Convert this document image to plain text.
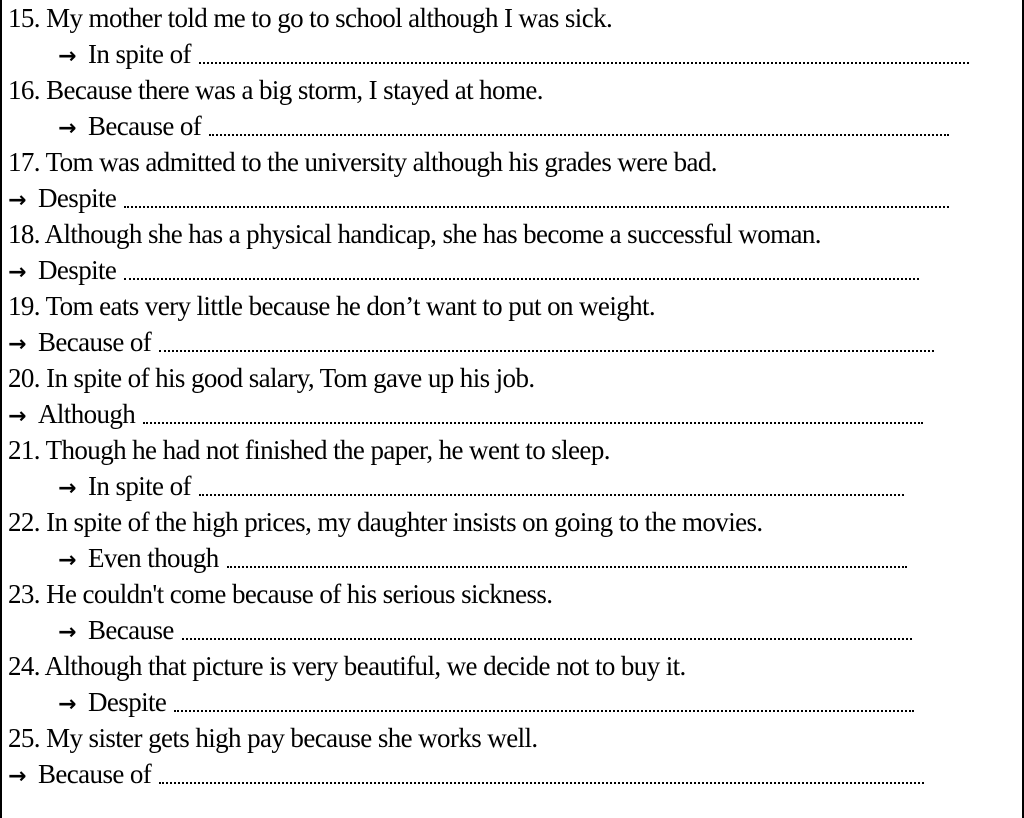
15. My mother told me to go to school although I was sick.
→ In spite of
16. Because there was a big storm, I stayed at home.
→ Because of
17. Tom was admitted to the university although his grades were bad.
→ Despite
18. Although she has a physical handicap, she has become a successful woman.
→ Despite
19. Tom eats very little because he don’t want to put on weight.
→ Because of
20. In spite of his good salary, Tom gave up his job.
→ Although
21. Though he had not finished the paper, he went to sleep.
→ In spite of
22. In spite of the high prices, my daughter insists on going to the movies.
→ Even though
23. He couldn't come because of his serious sickness.
→ Because
24. Although that picture is very beautiful, we decide not to buy it.
→ Despite
25. My sister gets high pay because she works well.
→ Because of
